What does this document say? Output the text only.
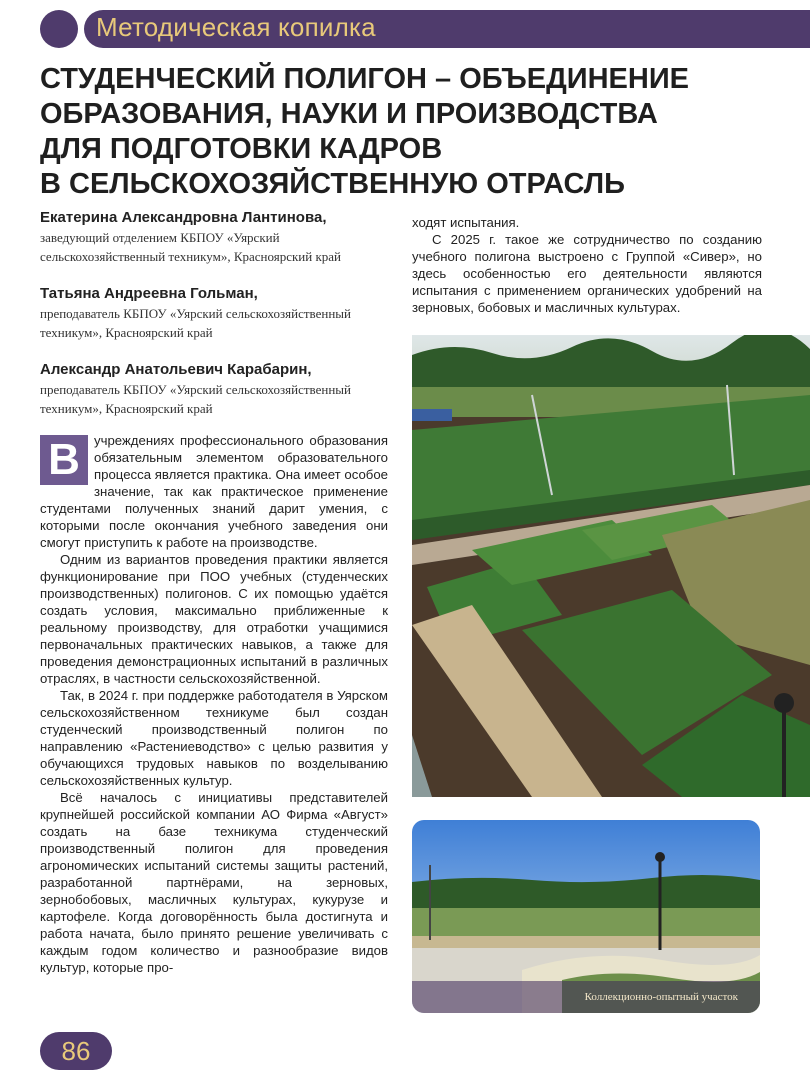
Методическая копилка
СТУДЕНЧЕСКИЙ ПОЛИГОН – ОБЪЕДИНЕНИЕ
ОБРАЗОВАНИЯ, НАУКИ И ПРОИЗВОДСТВА
ДЛЯ ПОДГОТОВКИ КАДРОВ
В СЕЛЬСКОХОЗЯЙСТВЕННУЮ ОТРАСЛЬ
Екатерина Александровна Лантинова,
заведующий отделением КБПОУ «Уярский сельскохозяйственный техникум», Красноярский край
Татьяна Андреевна Гольман,
преподаватель КБПОУ «Уярский сельскохозяйственный техникум», Красноярский край
Александр Анатольевич Карабарин,
преподаватель КБПОУ «Уярский сельскохозяйственный техникум», Красноярский край

В	учреждениях профессионального образования обязательным элементом образовательного процесса является практика. Она имеет особое значение, так как практическое применение студентами полученных знаний дарит умения, с которыми после окончания учебного заведения они смогут приступить к работе на производстве.

Одним из вариантов проведения практики является функционирование при ПОО учебных (студенческих производственных) полигонов. С их помощью удаётся создать условия, максимально приближенные к реальному производству, для отработки учащимися первоначальных практических навыков, а также для проведения демонстрационных испытаний в различных отраслях, в частности сельскохозяйственной.

Так, в 2024 г. при поддержке работодателя в Уярском сельскохозяйственном техникуме был создан студенческий производственный полигон по направлению «Растениеводство» с целью развития у обучающихся трудовых навыков по возделыванию сельскохозяйственных культур.

Всё началось с инициативы представителей крупнейшей российской компании АО Фирма «Август» создать на базе техникума студенческий производственный полигон для проведения агрономических испытаний системы защиты растений, разработанной партнёрами, на зерновых, зернобобовых, масличных культурах, кукурузе и картофеле. Когда договорённость была достигнута и работа начата, было принято решение увеличивать с каждым годом количество и разнообразие видов культур, которые про-

ходят испытания.

С 2025 г. такое же сотрудничество по созданию учебного полигона выстроено с Группой «Сивер», но здесь особенностью его деятельности являются испытания с применением органических удобрений на зерновых, бобовых и масличных культурах.

Коллекционно-опытный участок
86
